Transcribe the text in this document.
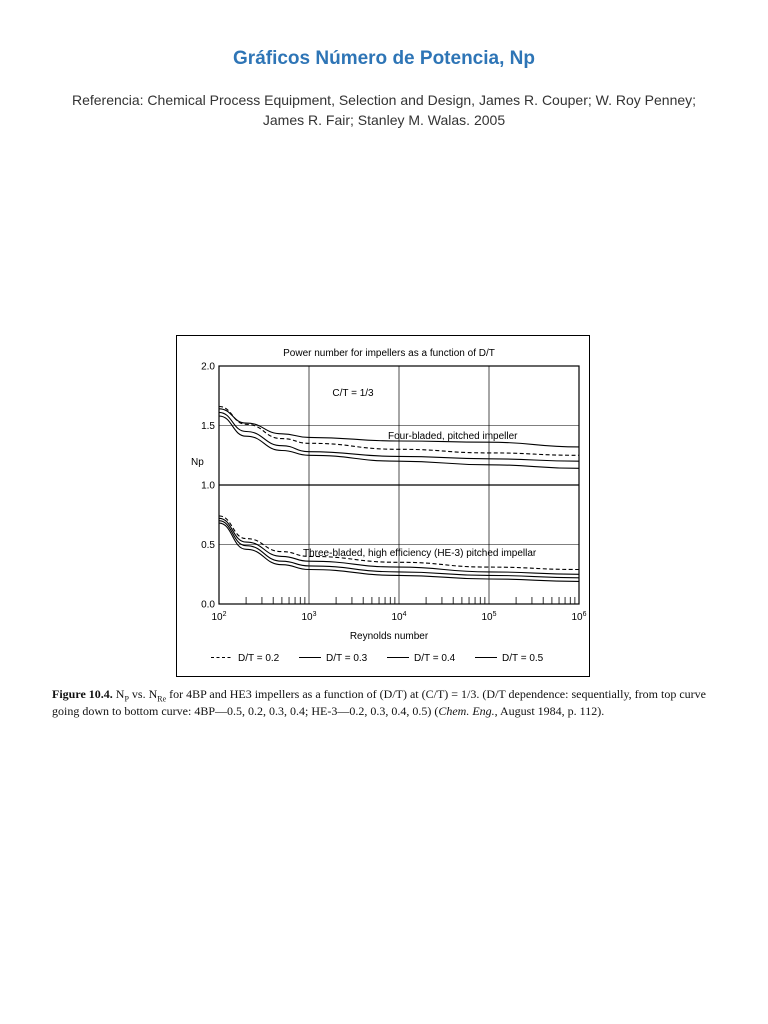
Gráficos Número de Potencia, Np
Referencia: Chemical Process Equipment, Selection and Design, James R. Couper; W. Roy Penney; James R. Fair; Stanley M. Walas. 2005
Power number for impellers as a function of D/T
C/T = 1/3
Np
Reynolds number
Four-bladed, pitched impeller
Three-bladed, high efficiency (HE-3) pitched impellar
0.0
0.5
1.0
1.5
2.0
$10^2$	$10^3$	$10^4$	$10^5$	$10^6$
D/T = 0.2	D/T = 0.3	D/T = 0.4	D/T = 0.5
Figure 10.4. $N_P$ vs. $N_{Re}$ for 4BP and HE3 impellers as a function of (D/T) at (C/T) = 1/3. (D/T dependence: sequentially, from top curve going down to bottom curve: 4BP—0.5, 0.2, 0.3, 0.4; HE-3—0.2, 0.3, 0.4, 0.5) (Chem. Eng., August 1984, p. 112).
